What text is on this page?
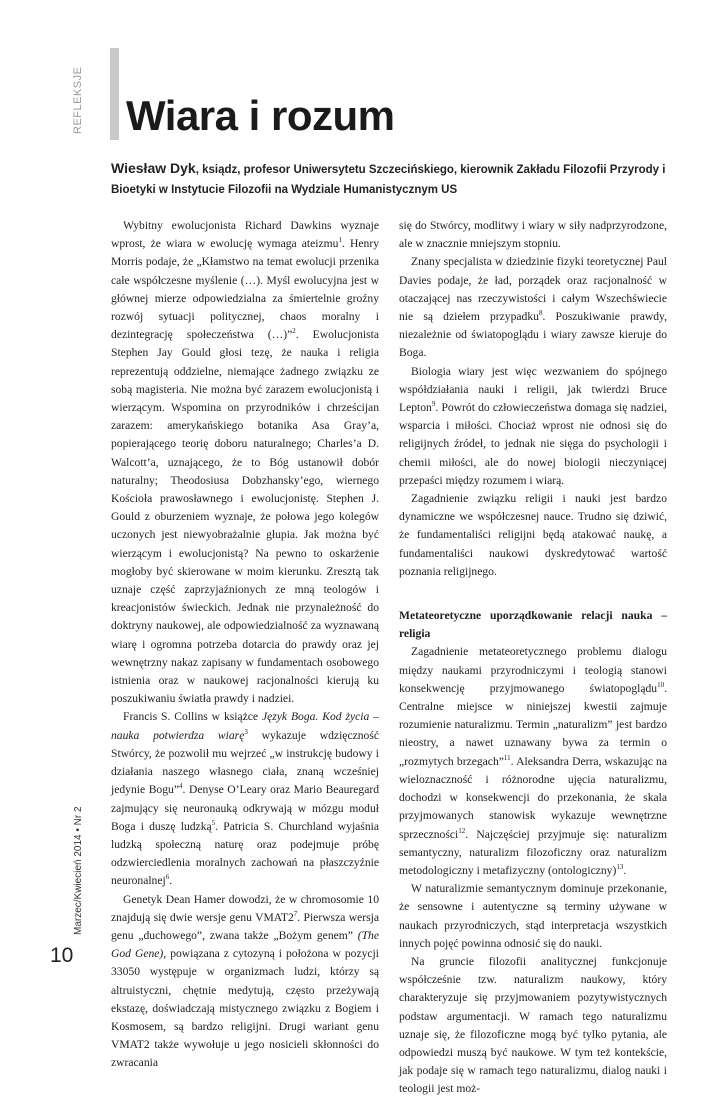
REFLEKSJE Wiara i rozum
Wiesław Dyk, ksiądz, profesor Uniwersytetu Szczecińskiego, kierownik Zakładu Filozofii Przyrody i Bioetyki w Instytucie Filozofii na Wydziale Humanistycznym US

Wybitny ewolucjonista Richard Dawkins wyznaje wprost, że wiara w ewolucję wymaga ateizmu$^1$. Henry Morris podaje, że „Kłamstwo na temat ewolucji przenika całe współczesne myślenie (…). Myśl ewolucyjna jest w głównej mierze odpowiedzialna za śmiertelnie groźny rozwój sytuacji politycznej, chaos moralny i dezintegrację społeczeństwa (…)”$^2$. Ewolucjonista Stephen Jay Gould głosi tezę, że nauka i religia reprezentują oddzielne, niemające żadnego związku ze sobą magisteria. Nie można być zarazem ewolucjonistą i wierzącym. Wspomina on przyrodników i chrześcijan zarazem: amerykańskiego botanika Asa Gray’a, popierającego teorię doboru naturalnego; Charles’a D. Walcott’a, uznającego, że to Bóg ustanowił dobór naturalny; Theodosiusa Dobzhansky’ego, wiernego Kościoła prawosławnego i ewolucjonistę. Stephen J. Gould z oburzeniem wyznaje, że połowa jego kolegów uczonych jest niewyobrażalnie głupia. Jak można być wierzącym i ewolucjonistą? Na pewno to oskarżenie mogłoby być skierowane w moim kierunku. Zresztą tak uznaje część zaprzyjaźnionych ze mną teologów i kreacjonistów świeckich. Jednak nie przynależność do doktryny naukowej, ale odpowiedzialność za wyznawaną wiarę i ogromna potrzeba dotarcia do prawdy oraz jej wewnętrzny nakaz zapisany w fundamentach osobowego istnienia oraz w naukowej racjonalności kierują ku poszukiwaniu światła prawdy i nadziei.

Francis S. Collins w książce Język Boga. Kod życia – nauka potwierdza wiarę$^3$ wykazuje wdzięczność Stwórcy, że pozwolił mu wejrzeć „w instrukcję budowy i działania naszego własnego ciała, znaną wcześniej jedynie Bogu”$^4$. Denyse O’Leary oraz Mario Beauregard zajmujący się neuronauką odkrywają w mózgu moduł Boga i duszę ludzką$^5$. Patricia S. Churchland wyjaśnia ludzką społeczną naturę oraz podejmuje próbę odzwierciedlenia moralnych zachowań na płaszczyźnie neuronalnej$^6$.

Genetyk Dean Hamer dowodzi, że w chromosomie 10 znajdują się dwie wersje genu $VMAT2^7$. Pierwsza wersja genu „duchowego”, zwana także „Bożym genem” (The God Gene), powiązana z cytozyną i położona w pozycji 33050 występuje w organizmach ludzi, którzy są altruistyczni, chętnie medytują, często przeżywają ekstazę, doświadczają mistycznego związku z Bogiem i Kosmosem, są bardzo religijni. Drugi wariant genu VMAT2 także wywołuje u jego nosicieli skłonności do zwracania

się do Stwórcy, modlitwy i wiary w siły nadprzyrodzone, ale w znacznie mniejszym stopniu.

Znany specjalista w dziedzinie fizyki teoretycznej Paul Davies podaje, że ład, porządek oraz racjonalność w otaczającej nas rzeczywistości i całym Wszechświecie nie są dziełem przypadku$^8$. Poszukiwanie prawdy, niezależnie od światopoglądu i wiary zawsze kieruje do Boga.

Biologia wiary jest więc wezwaniem do spójnego współdziałania nauki i religii, jak twierdzi Bruce Lepton$^9$. Powrót do człowieczeństwa domaga się nadziei, wsparcia i miłości. Chociaż wprost nie odnosi się do religijnych źródeł, to jednak nie sięga do psychologii i chemii miłości, ale do nowej biologii nieczyniącej przepaści między rozumem i wiarą.

Zagadnienie związku religii i nauki jest bardzo dynamiczne we współczesnej nauce. Trudno się dziwić, że fundamentaliści religijni będą atakować naukę, a fundamentaliści naukowi dyskredytować wartość poznania religijnego.

Metateoretyczne uporządkowanie relacji nauka – religia

Zagadnienie metateoretycznego problemu dialogu między naukami przyrodniczymi i teologią stanowi konsekwencję przyjmowanego światopoglądu$^{10}$. Centralne miejsce w niniejszej kwestii zajmuje rozumienie naturalizmu. Termin „naturalizm” jest bardzo nieostry, a nawet uznawany bywa za termin o „rozmytych brzegach”$^{11}$. Aleksandra Derra, wskazując na wieloznaczność i różnorodne ujęcia naturalizmu, dochodzi w konsekwencji do przekonania, że skala przyjmowanych stanowisk wykazuje wewnętrzne sprzeczności$^{12}$. Najczęściej przyjmuje się: naturalizm semantyczny, naturalizm filozoficzny oraz naturalizm metodologiczny i metafizyczny (ontologiczny)$^{13}$.

W naturalizmie semantycznym dominuje przekonanie, że sensowne i autentyczne są terminy używane w naukach przyrodniczych, stąd interpretacja wszystkich innych pojęć powinna odnosić się do nauki.

Na gruncie filozofii analitycznej funkcjonuje współcześnie tzw. naturalizm naukowy, który charakteryzuje się przyjmowaniem pozytywistycznych podstaw argumentacji. W ramach tego naturalizmu uznaje się, że filozoficzne mogą być tylko pytania, ale odpowiedzi muszą być naukowe. W tym też kontekście, jak podaje się w ramach tego naturalizmu, dialog nauki i teologii jest moż-

Marzec/Kwiecień 2014 • Nr 2
10
